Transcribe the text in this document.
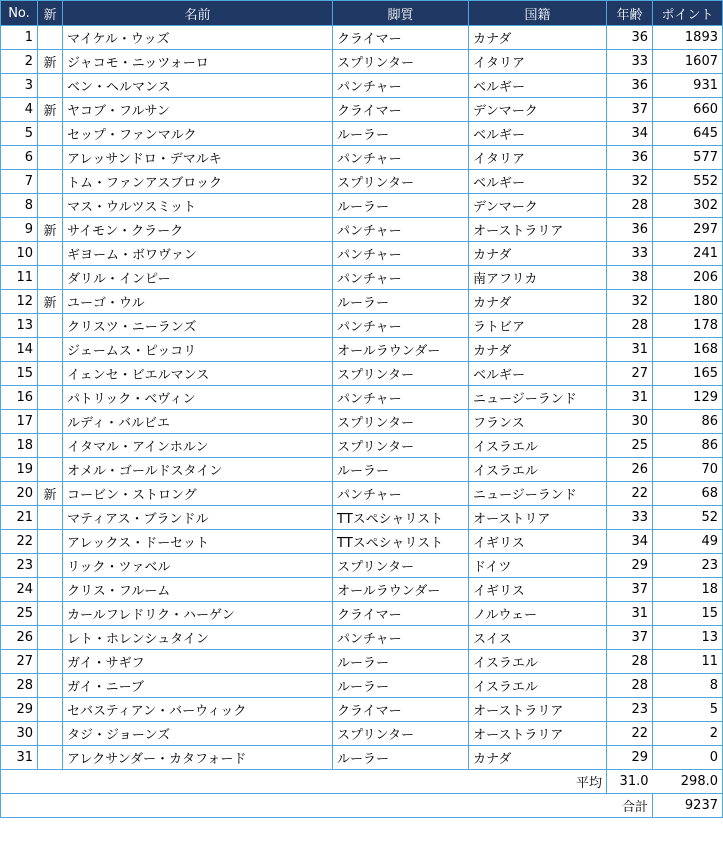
No.	新	名前	脚質	国籍	年齢	ポイント
1		マイケル・ウッズ	クライマー	カナダ	36	1893
2	新	ジャコモ・ニッツォーロ	スプリンター	イタリア	33	1607
3		ベン・ヘルマンス	パンチャー	ベルギー	36	931
4	新	ヤコブ・フルサン	クライマー	デンマーク	37	660
5		セップ・ファンマルク	ルーラー	ベルギー	34	645
6		アレッサンドロ・デマルキ	パンチャー	イタリア	36	577
7		トム・ファンアスブロック	スプリンター	ベルギー	32	552
8		マス・ウルツスミット	ルーラー	デンマーク	28	302
9	新	サイモン・クラーク	パンチャー	オーストラリア	36	297
10		ギヨーム・ボワヴァン	パンチャー	カナダ	33	241
11		ダリル・インピー	パンチャー	南アフリカ	38	206
12	新	ユーゴ・ウル	ルーラー	カナダ	32	180
13		クリスツ・ニーランズ	パンチャー	ラトビア	28	178
14		ジェームス・ピッコリ	オールラウンダー	カナダ	31	168
15		イェンセ・ビエルマンス	スプリンター	ベルギー	27	165
16		パトリック・ベヴィン	パンチャー	ニュージーランド	31	129
17		ルディ・バルビエ	スプリンター	フランス	30	86
18		イタマル・アインホルン	スプリンター	イスラエル	25	86
19		オメル・ゴールドスタイン	ルーラー	イスラエル	26	70
20	新	コービン・ストロング	パンチャー	ニュージーランド	22	68
21		マティアス・ブランドル	TTスペシャリスト	オーストリア	33	52
22		アレックス・ドーセット	TTスペシャリスト	イギリス	34	49
23		リック・ツァベル	スプリンター	ドイツ	29	23
24		クリス・フルーム	オールラウンダー	イギリス	37	18
25		カールフレドリク・ハーゲン	クライマー	ノルウェー	31	15
26		レト・ホレンシュタイン	パンチャー	スイス	37	13
27		ガイ・サギフ	ルーラー	イスラエル	28	11
28		ガイ・ニーブ	ルーラー	イスラエル	28	8
29		セバスティアン・バーウィック	クライマー	オーストラリア	23	5
30		タジ・ジョーンズ	スプリンター	オーストラリア	22	2
31		アレクサンダー・カタフォード	ルーラー	カナダ	29	0
				平均	31.0	298.0
				合計		9237
